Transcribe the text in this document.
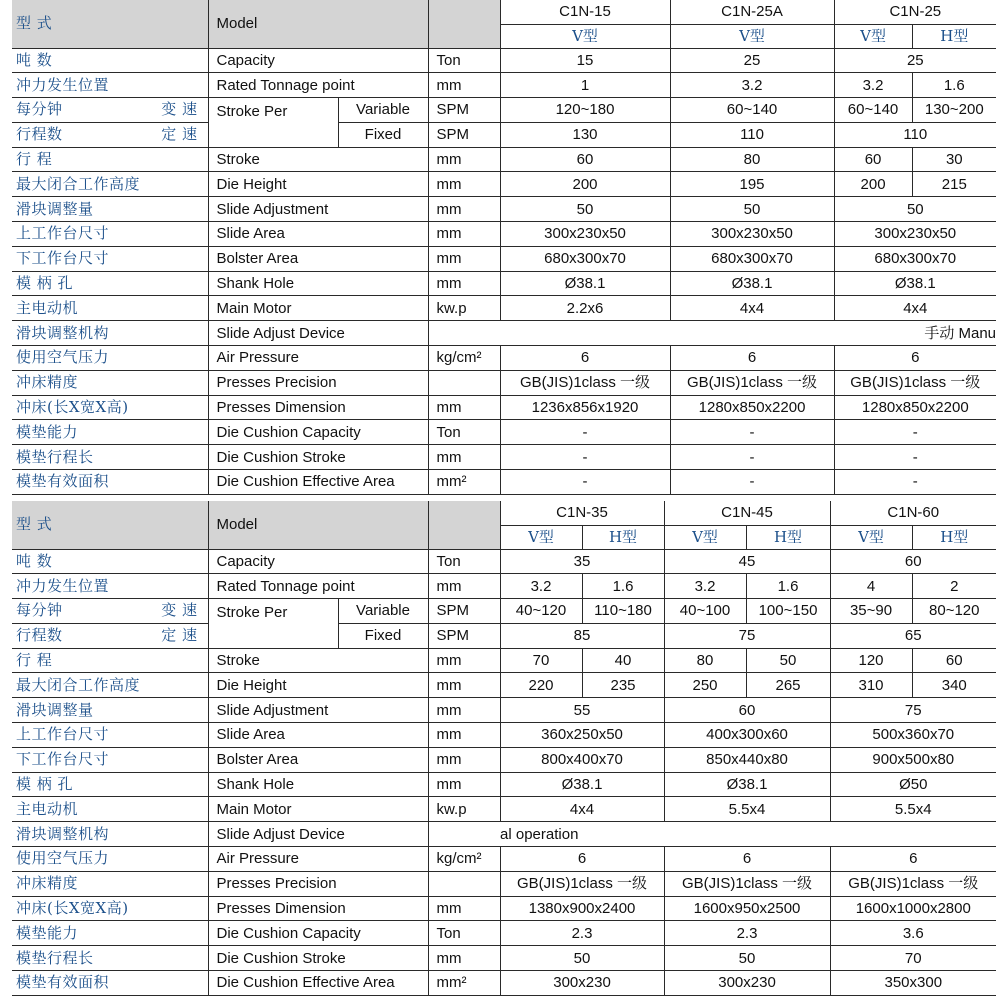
型 式	Model			C1N-15	C1N-25A	C1N-25	
				V型	V型	V型	H型
吨 数	Capacity		Ton	15	25	25	
冲力发生位置	Rated Tonnage point		mm	1	3.2	3.2	1.6

每分钟 变 速	Stroke Per	Variable	SPM	120~180	60~140	60~140	130~200

行程数 定 速		Fixed	SPM	130	110	110	
行 程	Stroke		mm	60	80	60	30
最大闭合工作高度	Die Height		mm	200	195	200	215
滑块调整量	Slide Adjustment		mm	50	50	50	
上工作台尺寸	Slide Area		mm	300x230x50	300x230x50	300x230x50	
下工作台尺寸	Bolster Area		mm	680x300x70	680x300x70	680x300x70	
模 柄 孔	Shank Hole		mm	Ø38.1	Ø38.1	Ø38.1	
主电动机	Main Motor		kw.p	2.2x6	4x4	4x4	
滑块调整机构	Slide Adjust Device			手动 Manu			
使用空气压力	Air Pressure		kg/cm²	6	6	6	
冲床精度	Presses Precision			GB(JIS)1class 一级	GB(JIS)1class 一级	GB(JIS)1class 一级	
冲床(长X宽X高)	Presses Dimension		mm	1236x856x1920	1280x850x2200	1280x850x2200	
模垫能力	Die Cushion Capacity		Ton	-	-	-	
模垫行程长	Die Cushion Stroke		mm	-	-	-	
模垫有效面积	Die Cushion Effective Area		mm²	-	-	-	
型 式	Model			C1N-35		C1N-45		C1N-60	
				V型	H型	V型	H型	V型	H型
吨 数	Capacity		Ton	35		45		60	
冲力发生位置	Rated Tonnage point		mm	3.2	1.6	3.2	1.6	4	2

每分钟 变 速	Stroke Per	Variable	SPM	40~120	110~180	40~100	100~150	35~90	80~120

行程数 定 速		Fixed	SPM	85		75		65	
行 程	Stroke		mm	70	40	80	50	120	60
最大闭合工作高度	Die Height		mm	220	235	250	265	310	340
滑块调整量	Slide Adjustment		mm	55		60		75	
上工作台尺寸	Slide Area		mm	360x250x50		400x300x60		500x360x70	
下工作台尺寸	Bolster Area		mm	800x400x70		850x440x80		900x500x80	
模 柄 孔	Shank Hole		mm	Ø38.1		Ø38.1		Ø50	
主电动机	Main Motor		kw.p	4x4		5.5x4		5.5x4	
滑块调整机构	Slide Adjust Device			al operation					
使用空气压力	Air Pressure		kg/cm²	6		6		6	
冲床精度	Presses Precision			GB(JIS)1class 一级		GB(JIS)1class 一级		GB(JIS)1class 一级	
冲床(长X宽X高)	Presses Dimension		mm	1380x900x2400		1600x950x2500		1600x1000x2800	
模垫能力	Die Cushion Capacity		Ton	2.3		2.3		3.6	
模垫行程长	Die Cushion Stroke		mm	50		50		70	
模垫有效面积	Die Cushion Effective Area		mm²	300x230		300x230		350x300	
